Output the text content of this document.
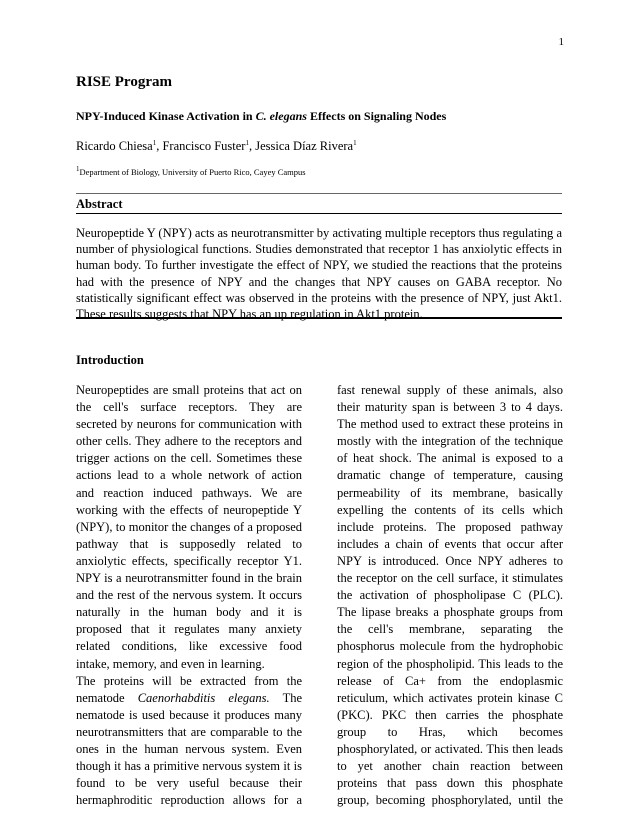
1
RISE Program
NPY-Induced Kinase Activation in C. elegans Effects on Signaling Nodes
Ricardo Chiesa$^1$, Francisco Fuster$^1$, Jessica Díaz Rivera$^1$
$^1$Department of Biology, University of Puerto Rico, Cayey Campus
Abstract
Neuropeptide Y (NPY) acts as neurotransmitter by activating multiple receptors thus regulating a number of physiological functions. Studies demonstrated that receptor 1 has anxiolytic effects in human body. To further investigate the effect of NPY, we studied the reactions that the proteins had with the presence of NPY and the changes that NPY causes on GABA receptor. No statistically significant effect was observed in the proteins with the presence of NPY, just Akt1. These results suggests that NPY has an up regulation in Akt1 protein.
Introduction
Neuropeptides are small proteins that act on
the cell's surface receptors. They are
secreted by neurons for communication with
other cells. They adhere to the receptors and
trigger actions on the cell. Sometimes these
actions lead to a whole network of action
and reaction induced pathways. We are
working with the effects of neuropeptide Y
(NPY), to monitor the changes of a proposed
pathway that is supposedly related to
anxiolytic effects, specifically receptor Y1.
NPY is a neurotransmitter found in the brain
and the rest of the nervous system. It occurs
naturally in the human body and it is
proposed that it regulates many anxiety
related conditions, like excessive food
intake, memory, and even in learning.
The proteins will be extracted from the
nematode Caenorhabditis elegans. The
nematode is used because it produces many
neurotransmitters that are comparable to the
ones in the human nervous system. Even
though it has a primitive nervous system it is
found to be very useful because their
hermaphroditic reproduction allows for a
fast renewal supply of these animals, also
their maturity span is between 3 to 4 days.
The method used to extract these proteins in
mostly with the integration of the technique
of heat shock. The animal is exposed to a
dramatic change of temperature, causing
permeability of its membrane, basically
expelling the contents of its cells which
include proteins. The proposed pathway
includes a chain of events that occur after
NPY is introduced. Once NPY adheres to
the receptor on the cell surface, it stimulates
the activation of phospholipase C (PLC).
The lipase breaks a phosphate groups from
the cell's membrane, separating the
phosphorus molecule from the hydrophobic
region of the phospholipid. This leads to the
release of Ca+ from the endoplasmic
reticulum, which activates protein kinase C
(PKC). PKC then carries the phosphate
group to Hras, which becomes
phosphorylated, or activated. This then leads
to yet another chain reaction between
proteins that pass down this phosphate
group, becoming phosphorylated, until the
